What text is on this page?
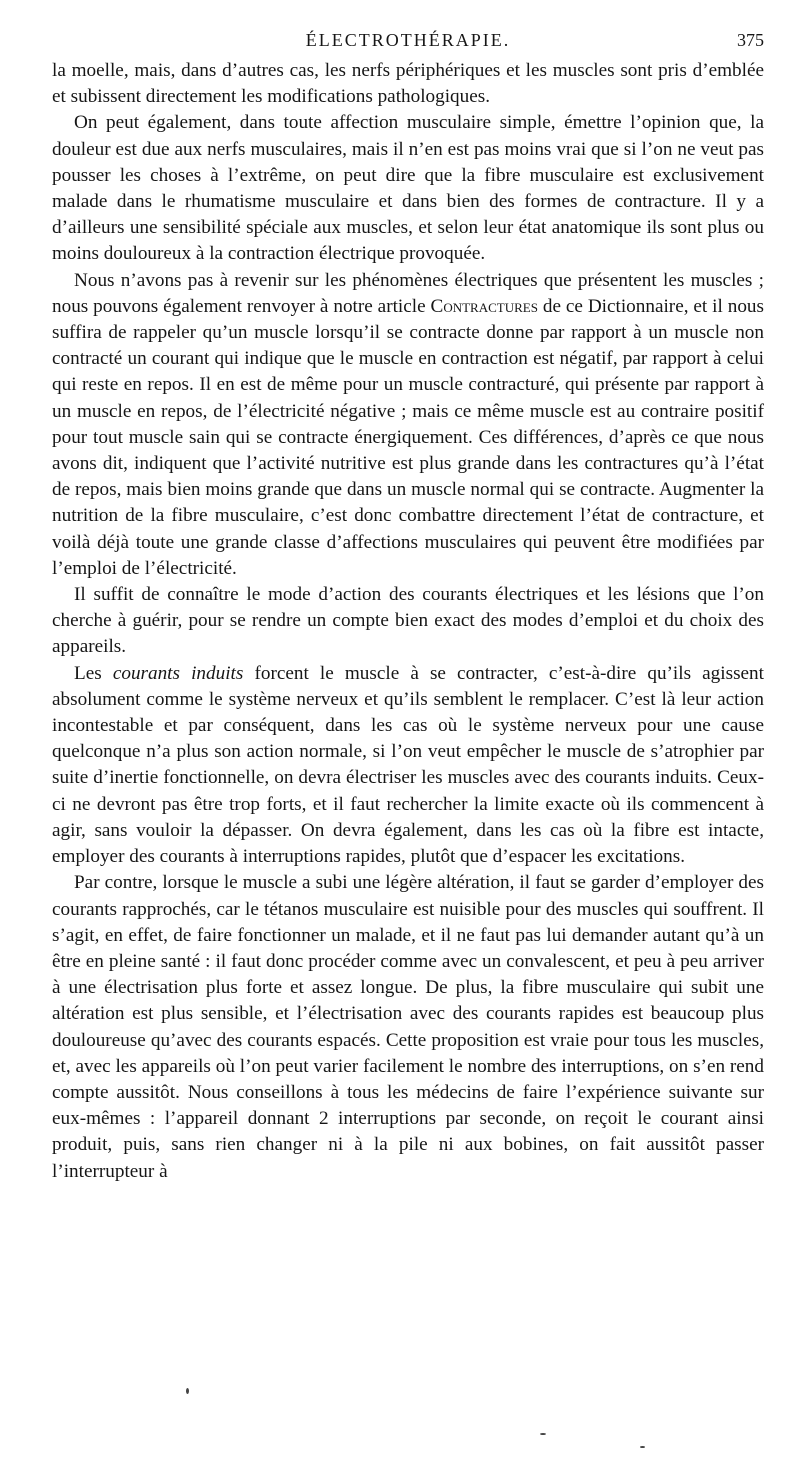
ÉLECTROTHÉRAPIE.	375

la moelle, mais, dans d’autres cas, les nerfs périphériques et les muscles sont pris d’emblée et subissent directement les modifications pathologiques.

On peut également, dans toute affection musculaire simple, émettre l’opinion que, la douleur est due aux nerfs musculaires, mais il n’en est pas moins vrai que si l’on ne veut pas pousser les choses à l’extrême, on peut dire que la fibre musculaire est exclusivement malade dans le rhumatisme musculaire et dans bien des formes de contracture. Il y a d’ailleurs une sensibilité spéciale aux muscles, et selon leur état anatomique ils sont plus ou moins douloureux à la contraction électrique provoquée.

Nous n’avons pas à revenir sur les phénomènes électriques que présentent les muscles ; nous pouvons également renvoyer à notre article Contractures de ce Dictionnaire, et il nous suffira de rappeler qu’un muscle lorsqu’il se contracte donne par rapport à un muscle non contracté un courant qui indique que le muscle en contraction est négatif, par rapport à celui qui reste en repos. Il en est de même pour un muscle contracturé, qui présente par rapport à un muscle en repos, de l’électricité négative ; mais ce même muscle est au contraire positif pour tout muscle sain qui se contracte énergiquement. Ces différences, d’après ce que nous avons dit, indiquent que l’activité nutritive est plus grande dans les contractures qu’à l’état de repos, mais bien moins grande que dans un muscle normal qui se contracte. Augmenter la nutrition de la fibre musculaire, c’est donc combattre directement l’état de contracture, et voilà déjà toute une grande classe d’affections musculaires qui peuvent être modifiées par l’emploi de l’électricité.

Il suffit de connaître le mode d’action des courants électriques et les lésions que l’on cherche à guérir, pour se rendre un compte bien exact des modes d’emploi et du choix des appareils.

Les courants induits forcent le muscle à se contracter, c’est-à-dire qu’ils agissent absolument comme le système nerveux et qu’ils semblent le remplacer. C’est là leur action incontestable et par conséquent, dans les cas où le système nerveux pour une cause quelconque n’a plus son action normale, si l’on veut empêcher le muscle de s’atrophier par suite d’inertie fonctionnelle, on devra électriser les muscles avec des courants induits. Ceux-ci ne devront pas être trop forts, et il faut rechercher la limite exacte où ils commencent à agir, sans vouloir la dépasser. On devra également, dans les cas où la fibre est intacte, employer des courants à interruptions rapides, plutôt que d’espacer les excitations.

Par contre, lorsque le muscle a subi une légère altération, il faut se garder d’employer des courants rapprochés, car le tétanos musculaire est nuisible pour des muscles qui souffrent. Il s’agit, en effet, de faire fonctionner un malade, et il ne faut pas lui demander autant qu’à un être en pleine santé : il faut donc procéder comme avec un convalescent, et peu à peu arriver à une électrisation plus forte et assez longue. De plus, la fibre musculaire qui subit une altération est plus sensible, et l’électrisation avec des courants rapides est beaucoup plus douloureuse qu’avec des courants espacés. Cette proposition est vraie pour tous les muscles, et, avec les appareils où l’on peut varier facilement le nombre des interruptions, on s’en rend compte aussitôt. Nous conseillons à tous les médecins de faire l’expérience suivante sur eux-mêmes : l’appareil donnant 2 interruptions par seconde, on reçoit le courant ainsi produit, puis, sans rien changer ni à la pile ni aux bobines, on fait aussitôt passer l’interrupteur à
